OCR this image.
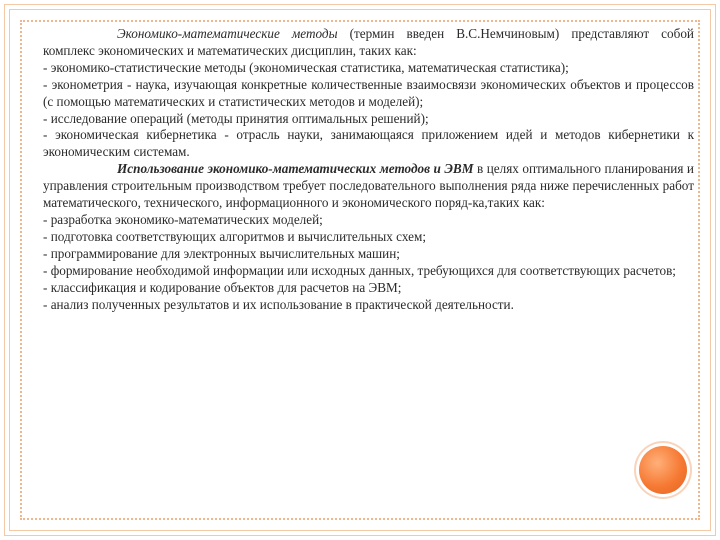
Экономико-математические методы (термин введен В.С.Немчиновым) представляют собой комплекс экономических и математических дисциплин, таких как:

- экономико-статистические методы (экономическая статистика, математическая статистика);

- эконометрия - наука, изучающая конкретные количественные взаимосвязи экономических объектов и процессов (с помощью математических и статистических методов и моделей);

- исследование операций (методы принятия оптимальных решений);

- экономическая кибернетика - отрасль науки, занимающаяся приложением идей и методов кибернетики к экономическим системам.

Использование экономико-математических методов и ЭВМ в целях оптимального планирования и управления строительным производством требует последовательного выполнения ряда ниже перечисленных работ математического, технического, информационного и экономического поряд-ка,таких как:

- разработка экономико-математических моделей;

- подготовка соответствующих алгоритмов и вычислительных схем;

- программирование для электронных вычислительных машин;

- формирование необходимой информации или исходных данных, требующихся для соответствующих расчетов;

- классификация и кодирование объектов для расчетов на ЭВМ;

- анализ полученных результатов и их использование в практической деятельности.
